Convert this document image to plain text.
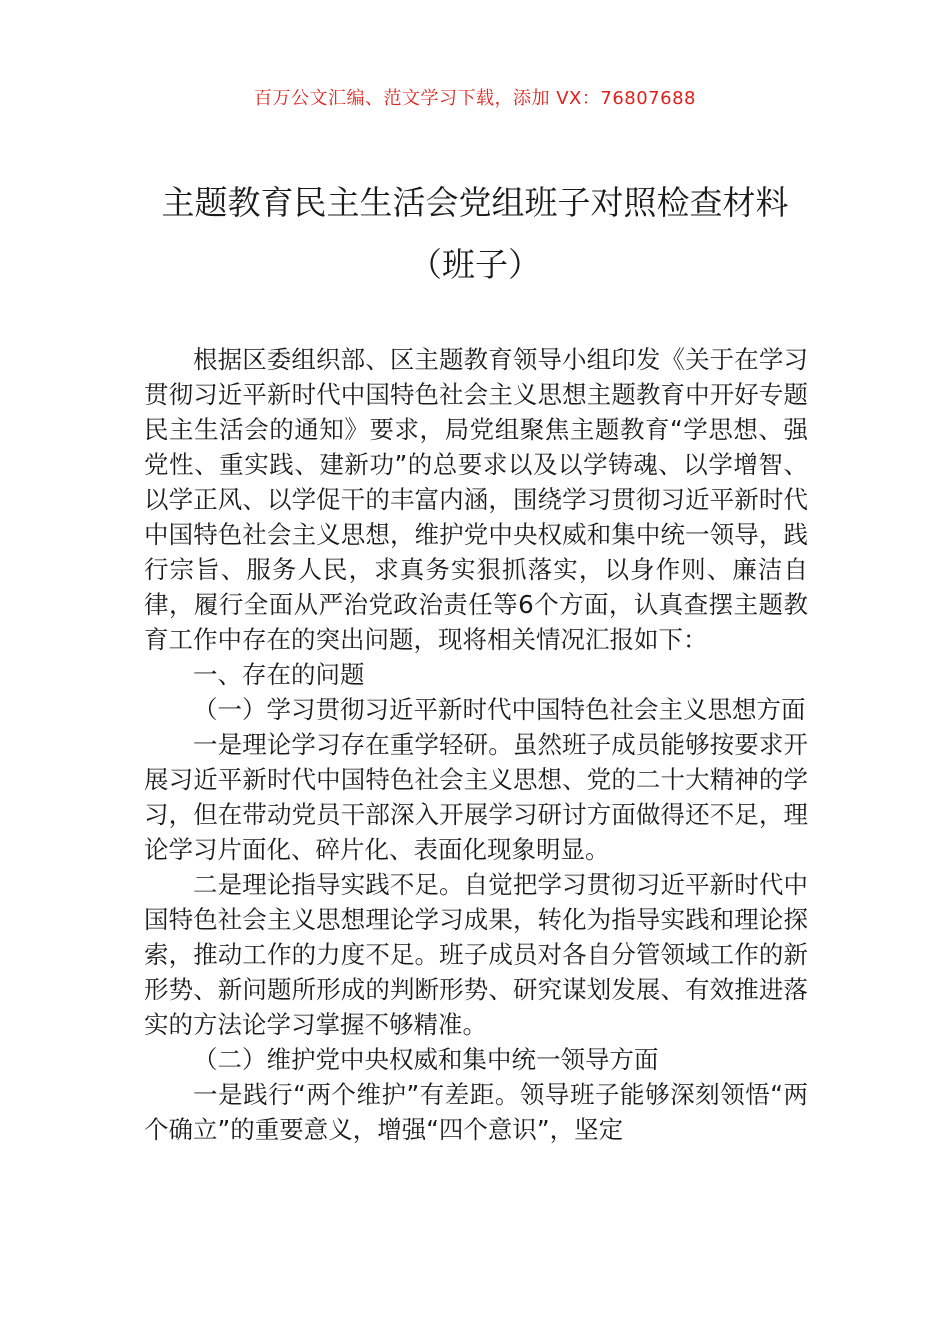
百万公文汇编、范文学习下载，添加 VX：76807688
主题教育民主生活会党组班子对照检查材料（班子）

根据区委组织部、区主题教育领导小组印发《关于在学习贯彻习近平新时代中国特色社会主义思想主题教育中开好专题民主生活会的通知》要求，局党组聚焦主题教育“学思想、强党性、重实践、建新功”的总要求以及以学铸魂、以学增智、以学正风、以学促干的丰富内涵，围绕学习贯彻习近平新时代中国特色社会主义思想，维护党中央权威和集中统一领导，践行宗旨、服务人民，求真务实狠抓落实，以身作则、廉洁自律，履行全面从严治党政治责任等6个方面，认真查摆主题教育工作中存在的突出问题，现将相关情况汇报如下：

一、存在的问题

（一）学习贯彻习近平新时代中国特色社会主义思想方面

一是理论学习存在重学轻研。虽然班子成员能够按要求开展习近平新时代中国特色社会主义思想、党的二十大精神的学习，但在带动党员干部深入开展学习研讨方面做得还不足，理论学习片面化、碎片化、表面化现象明显。

二是理论指导实践不足。自觉把学习贯彻习近平新时代中国特色社会主义思想理论学习成果，转化为指导实践和理论探索，推动工作的力度不足。班子成员对各自分管领域工作的新形势、新问题所形成的判断形势、研究谋划发展、有效推进落实的方法论学习掌握不够精准。

（二）维护党中央权威和集中统一领导方面

一是践行“两个维护”有差距。领导班子能够深刻领悟“两个确立”的重要意义，增强“四个意识”，坚定
